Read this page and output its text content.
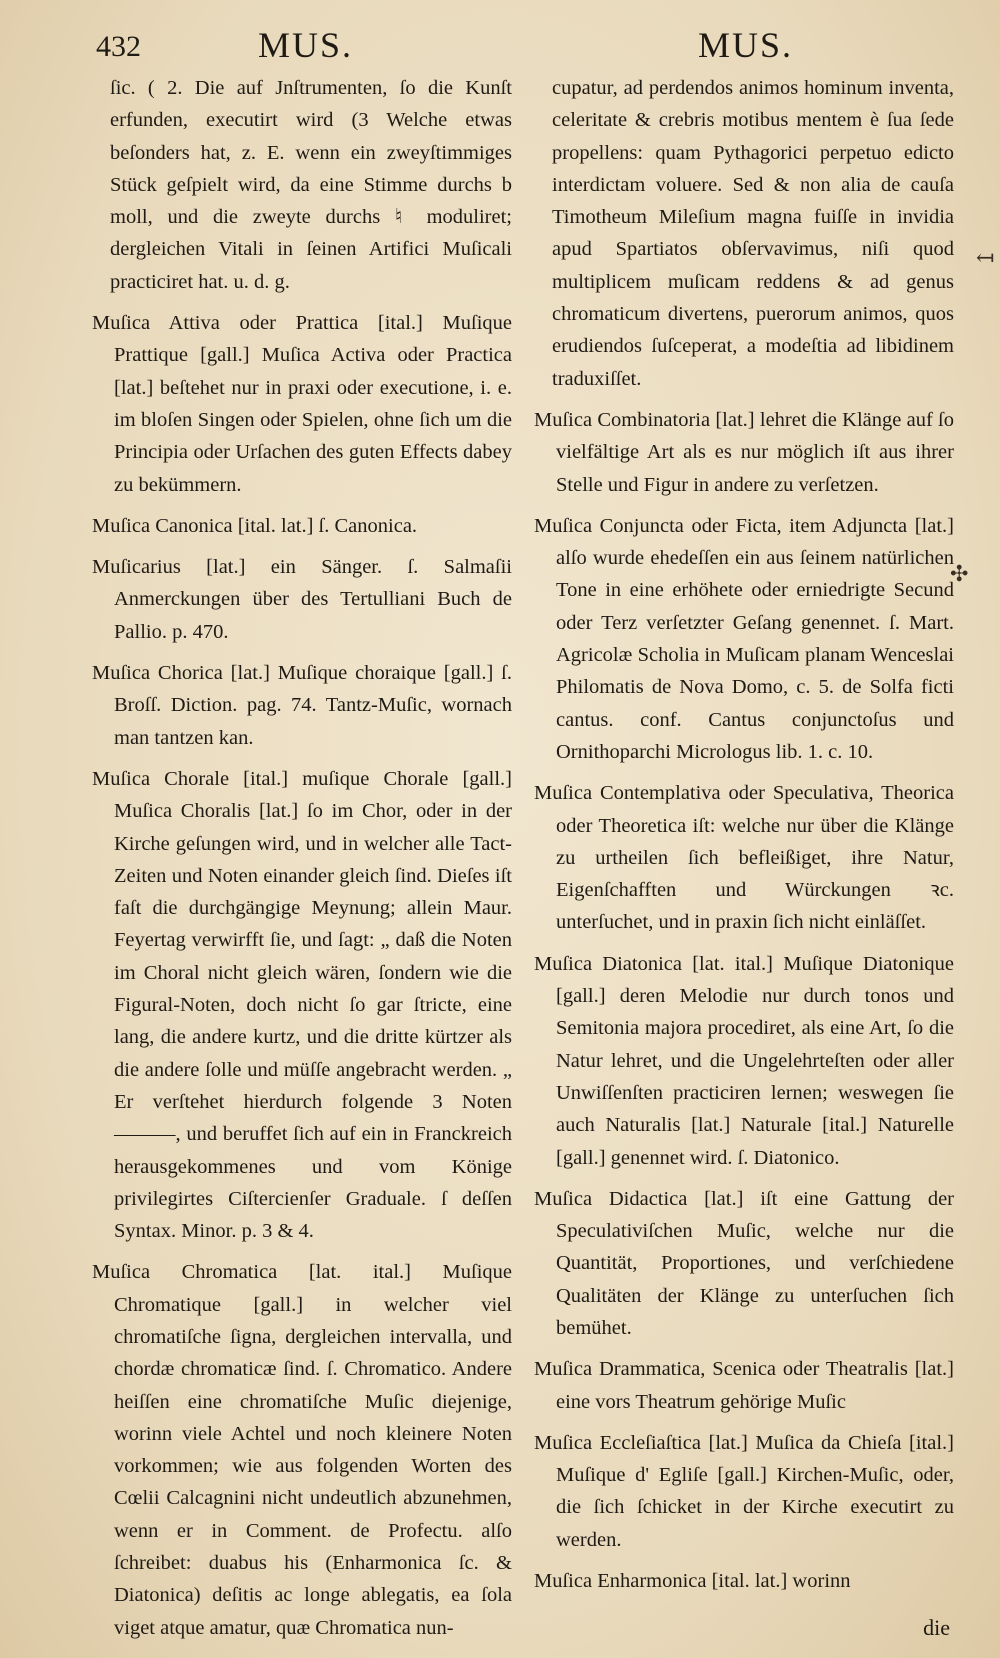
432	MUS.	MUS.

ſic. ( 2. Die auf Jnſtrumenten, ſo die Kunſt erfunden, executirt wird (3 Welche etwas beſonders hat, z. E. wenn ein zweyſtimmiges Stück geſpielt wird, da eine Stimme durchs b moll, und die zweyte durchs ♮ moduliret; dergleichen Vitali in ſeinen Artifici Muſicali practiciret hat. u. d. g.

Muſica Attiva oder Prattica [ital.] Muſique Prattique [gall.] Muſica Activa oder Practica [lat.] beſtehet nur in praxi oder executione, i. e. im bloſen Singen oder Spielen, ohne ſich um die Principia oder Urſachen des guten Effects dabey zu bekümmern.

Muſica Canonica [ital. lat.] ſ. Canonica.

Muſicarius [lat.] ein Sänger. ſ. Salmaſii Anmerckungen über des Tertulliani Buch de Pallio. p. 470.

Muſica Chorica [lat.] Muſique choraique [gall.] ſ. Broſſ. Diction. pag. 74. Tantz-Muſic, wornach man tantzen kan.

Muſica Chorale [ital.] muſique Chorale [gall.] Muſica Choralis [lat.] ſo im Chor, oder in der Kirche geſungen wird, und in welcher alle Tact-Zeiten und Noten einander gleich ſind. Dieſes iſt faſt die durchgängige Meynung; allein Maur. Feyertag verwirfft ſie, und ſagt: „ daß die Noten im Choral nicht gleich wären, ſondern wie die Figural-Noten, doch nicht ſo gar ſtricte, eine lang, die andere kurtz, und die dritte kürtzer als die andere ſolle und müſſe angebracht werden. „ Er verſtehet hierdurch folgende 3 Noten ———, und beruffet ſich auf ein in Franckreich herausgekommenes und vom Könige privilegirtes Ciſtercienſer Graduale. ſ deſſen Syntax. Minor. p. 3 & 4.

Muſica Chromatica [lat. ital.] Muſique Chromatique [gall.] in welcher viel chromatiſche ſigna, dergleichen intervalla, und chordæ chromaticæ ſind. ſ. Chromatico. Andere heiſſen eine chromatiſche Muſic diejenige, worinn viele Achtel und noch kleinere Noten vorkommen; wie aus folgenden Worten des Cœlii Calcagnini nicht undeutlich abzunehmen, wenn er in Comment. de Profectu. alſo ſchreibet: duabus his (Enharmonica ſc. & Diatonica) deſitis ac longe ablegatis, ea ſola viget atque amatur, quæ Chromatica nun-

cupatur, ad perdendos animos hominum inventa, celeritate & crebris motibus mentem è ſua ſede propellens: quam Pythagorici perpetuo edicto interdictam voluere. Sed & non alia de cauſa Timotheum Mileſium magna fuiſſe in invidia apud Spartiatos obſervavimus, niſi quod multiplicem muſicam reddens & ad genus chromaticum divertens, puerorum animos, quos erudiendos ſuſceperat, a modeſtia ad libidinem traduxiſſet.

Muſica Combinatoria [lat.] lehret die Klänge auf ſo vielfältige Art als es nur möglich iſt aus ihrer Stelle und Figur in andere zu verſetzen.

Muſica Conjuncta oder Ficta, item Adjuncta [lat.] alſo wurde ehedeſſen ein aus ſeinem natürlichen Tone in eine erhöhete oder erniedrigte Secund oder Terz verſetzter Geſang genennet. ſ. Mart. Agricolæ Scholia in Muſicam planam Wenceslai Philomatis de Nova Domo, c. 5. de Solfa ficti cantus. conf. Cantus conjunctoſus und Ornithoparchi Micrologus lib. 1. c. 10.

Muſica Contemplativa oder Speculativa, Theorica oder Theoretica iſt: welche nur über die Klänge zu urtheilen ſich befleißiget, ihre Natur, Eigenſchafften und Würckungen ꝛc. unterſuchet, und in praxin ſich nicht einläſſet.

Muſica Diatonica [lat. ital.] Muſique Diatonique [gall.] deren Melodie nur durch tonos und Semitonia majora procediret, als eine Art, ſo die Natur lehret, und die Ungelehrteſten oder aller Unwiſſenſten practiciren lernen; weswegen ſie auch Naturalis [lat.] Naturale [ital.] Naturelle [gall.] genennet wird. ſ. Diatonico.

Muſica Didactica [lat.] iſt eine Gattung der Speculativiſchen Muſic, welche nur die Quantität, Proportiones, und verſchiedene Qualitäten der Klänge zu unterſuchen ſich bemühet.

Muſica Drammatica, Scenica oder Theatralis [lat.] eine vors Theatrum gehörige Muſic

Muſica Eccleſiaſtica [lat.] Muſica da Chieſa [ital.] Muſique d' Egliſe [gall.] Kirchen-Muſic, oder, die ſich ſchicket in der Kirche executirt zu werden.

Muſica Enharmonica [ital. lat.] worinn

↤
✣
die
